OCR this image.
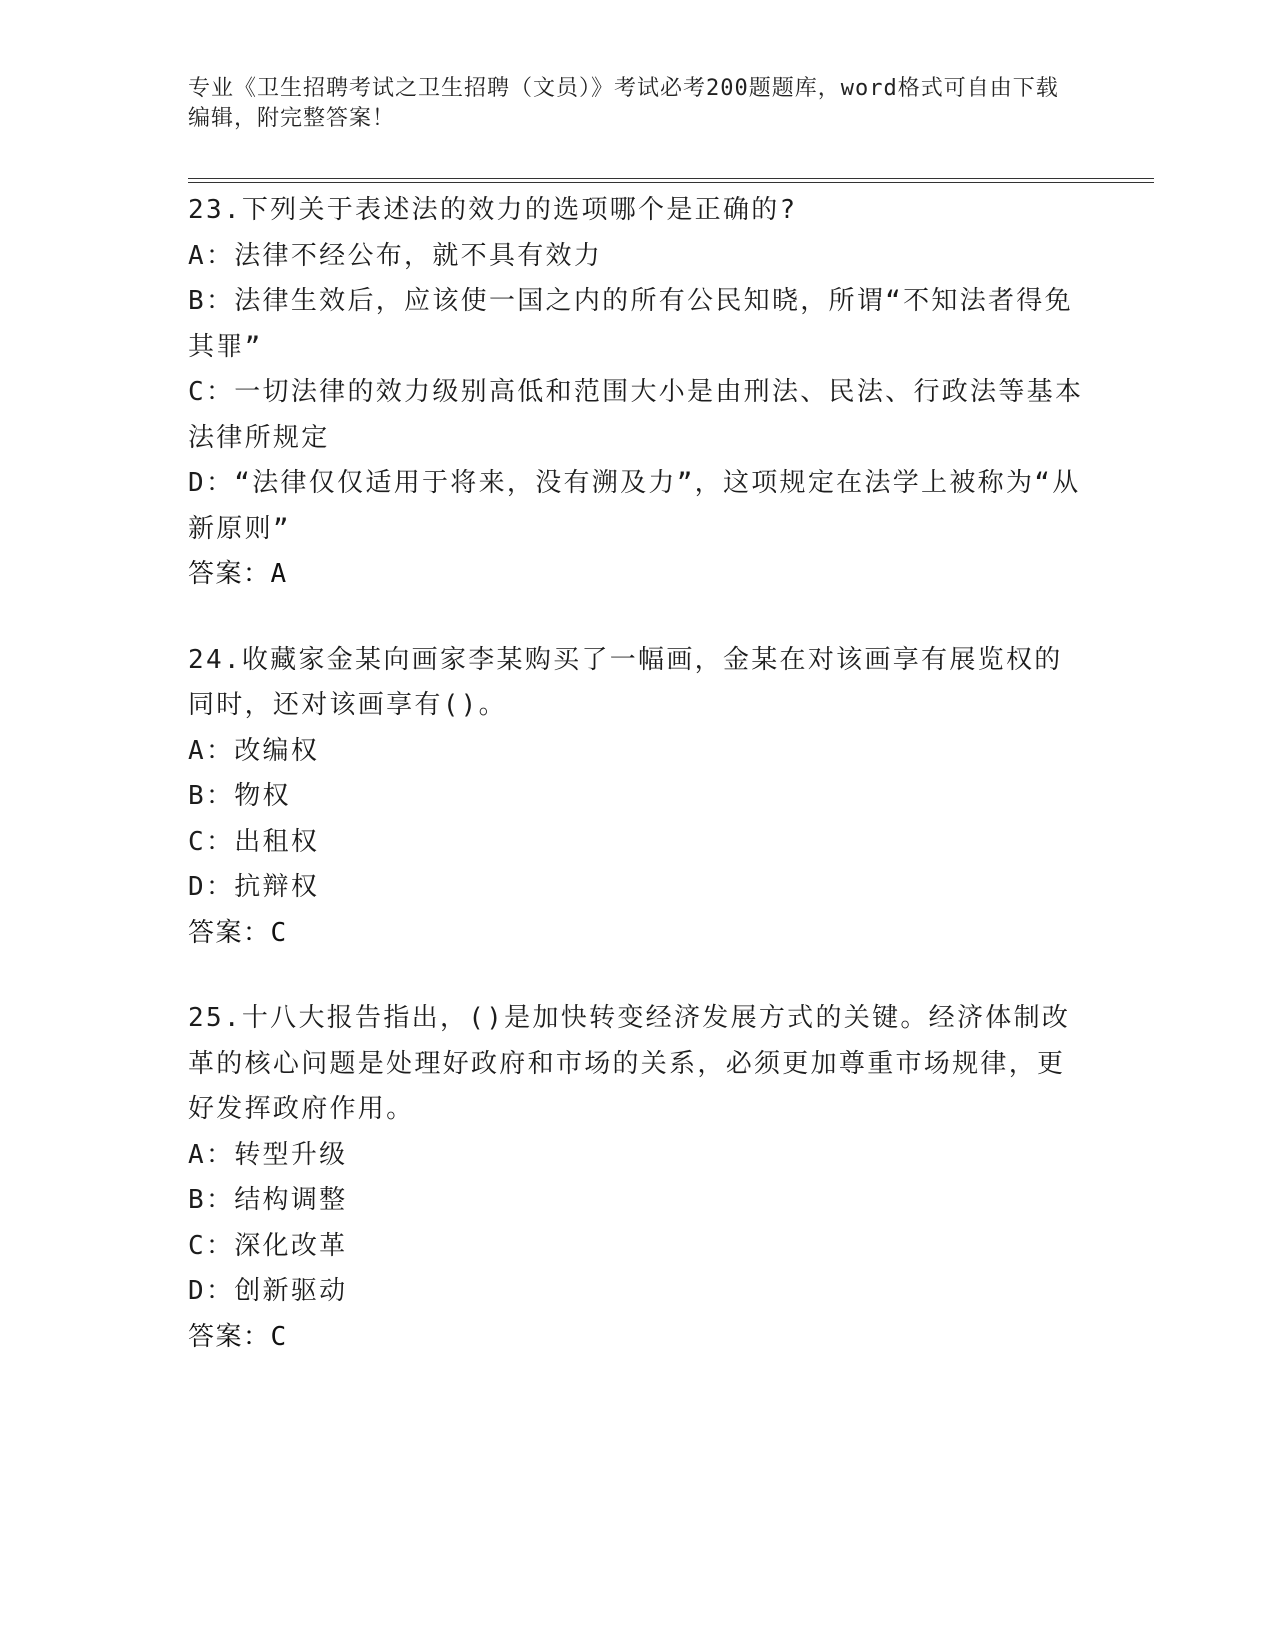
专业《卫生招聘考试之卫生招聘（文员）》考试必考200题题库，word格式可自由下载编辑，附完整答案！
23.下列关于表述法的效力的选项哪个是正确的?
A：法律不经公布，就不具有效力
B：法律生效后，应该使一国之内的所有公民知晓，所谓“不知法者得免其罪”
C：一切法律的效力级别高低和范围大小是由刑法、民法、行政法等基本法律所规定
D：“法律仅仅适用于将来，没有溯及力”，这项规定在法学上被称为“从新原则”
答案：A
24.收藏家金某向画家李某购买了一幅画，金某在对该画享有展览权的同时，还对该画享有()。
A：改编权
B：物权
C：出租权
D：抗辩权
答案：C
25.十八大报告指出，()是加快转变经济发展方式的关键。经济体制改革的核心问题是处理好政府和市场的关系，必须更加尊重市场规律，更好发挥政府作用。
A：转型升级
B：结构调整
C：深化改革
D：创新驱动
答案：C
